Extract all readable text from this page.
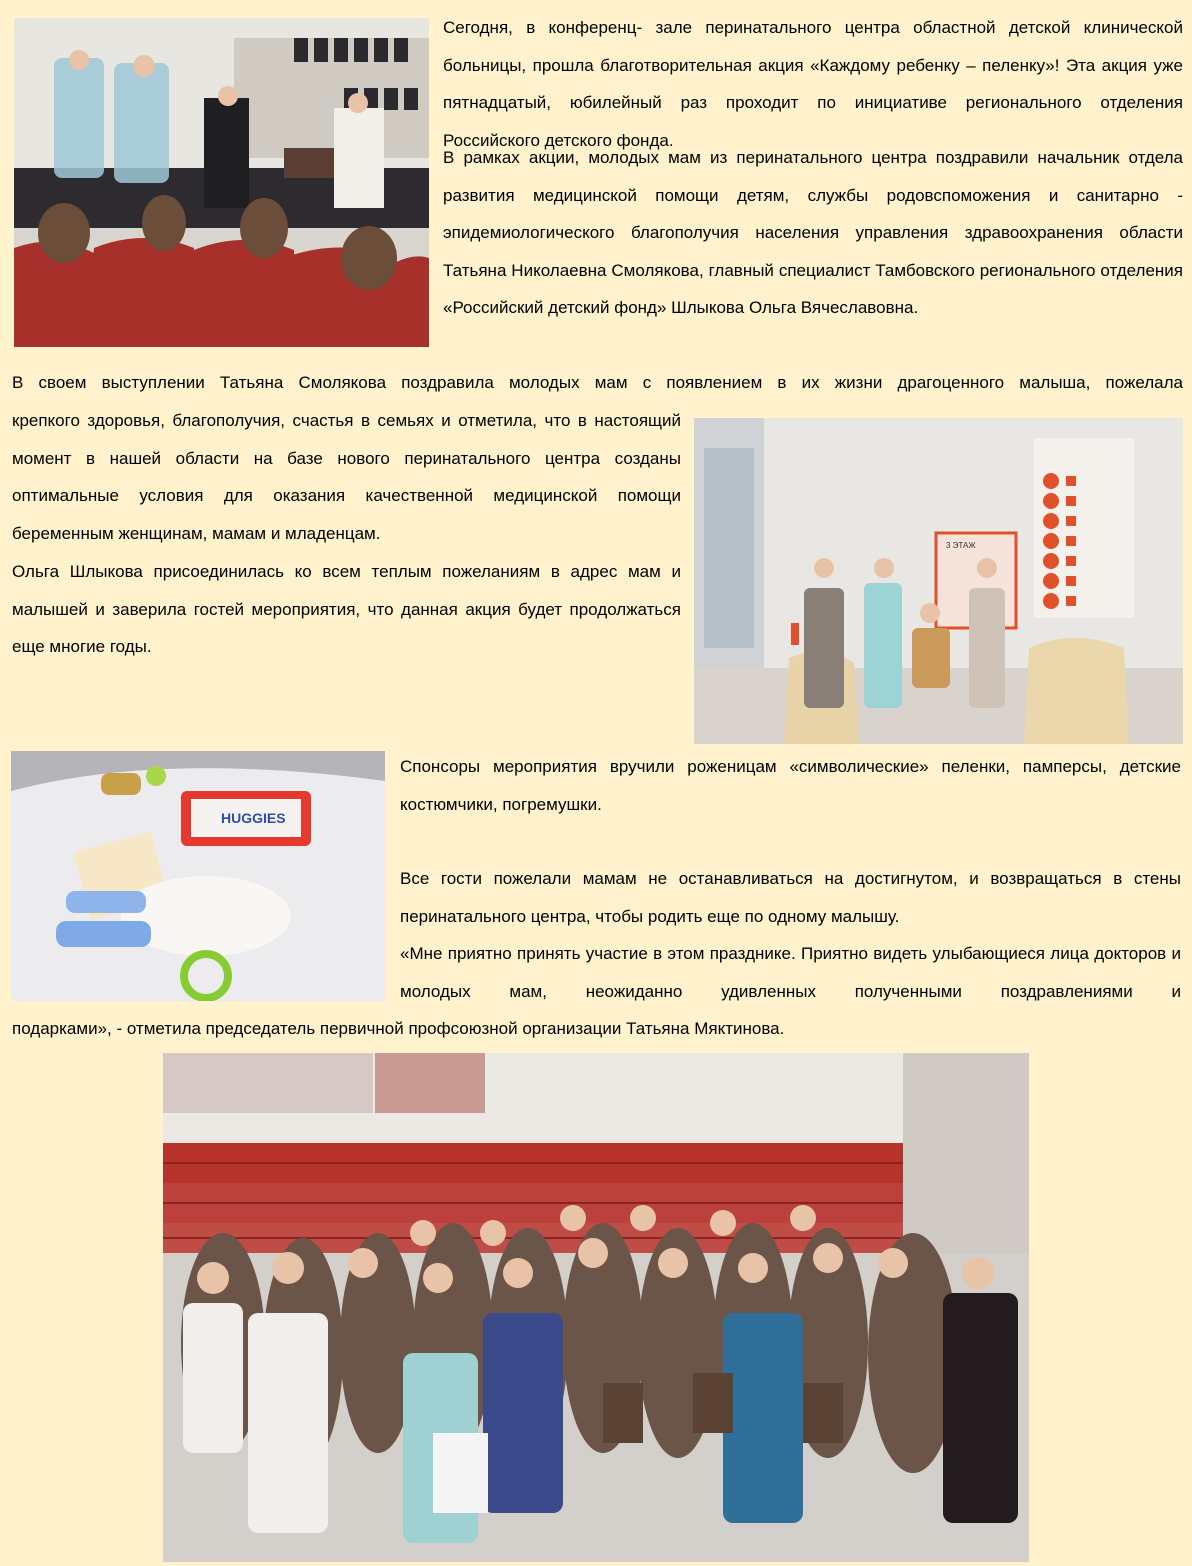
Сегодня, в конференц- зале перинатального центра областной детской клинической больницы, прошла благотворительная акция «Каждому ребенку – пеленку»! Эта акция уже пятнадцатый, юбилейный раз проходит по инициативе регионального отделения Российского детского фонда.

В рамках акции, молодых мам из перинатального центра поздравили начальник отдела развития медицинской помощи детям, службы родовспоможения и санитарно - эпидемиологического благополучия населения управления здравоохранения области Татьяна Николаевна Смолякова, главный специалист Тамбовского регионального отделения «Российский детский фонд» Шлыкова Ольга Вячеславовна.

В своем выступлении Татьяна Смолякова поздравила молодых мам с появлением в их жизни драгоценного малыша, пожелала

крепкого здоровья, благополучия, счастья в семьях и отметила, что в настоящий момент в нашей области на базе нового перинатального центра созданы оптимальные условия для оказания качественной медицинской помощи беременным женщинам, мамам и младенцам.

Ольга Шлыкова присоединилась ко всем теплым пожеланиям в адрес мам и малышей и заверила гостей мероприятия, что данная акция будет продолжаться еще многие годы.

3 ЭТАЖ
3
HUGGIES

Спонсоры мероприятия вручили роженицам «символические» пеленки, памперсы, детские костюмчики, погремушки.

Все гости пожелали мамам не останавливаться на достигнутом, и возвращаться в стены перинатального центра, чтобы родить еще по одному малышу.

«Мне приятно принять участие в этом празднике. Приятно видеть улыбающиеся лица докторов и молодых мам, неожиданно удивленных полученными поздравлениями и

подарками», - отметила председатель первичной профсоюзной организации Татьяна Мяктинова.
